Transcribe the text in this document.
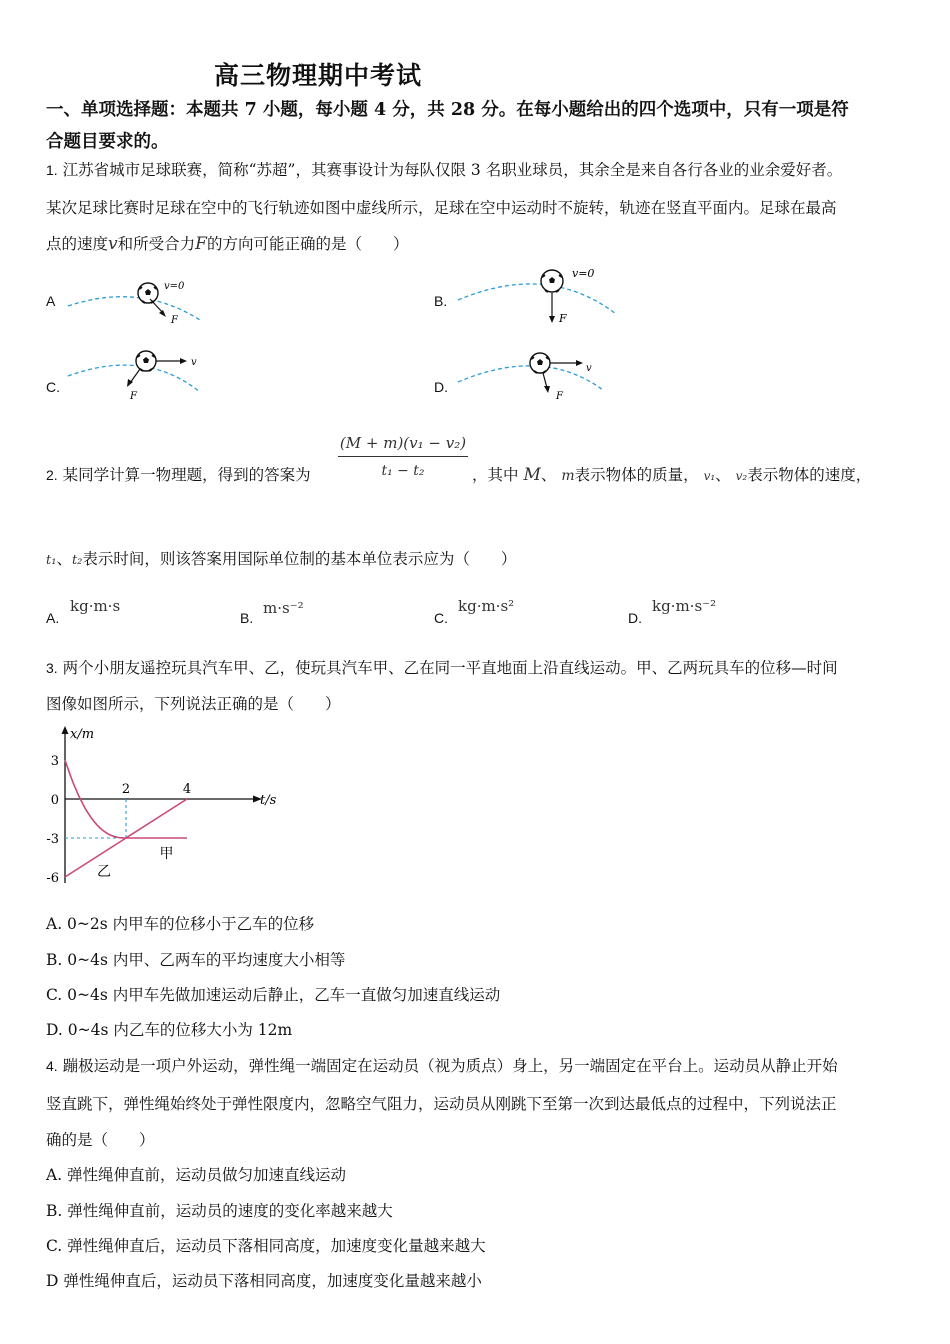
高三物理期中考试
一、单项选择题：本题共 7 小题，每小题 4 分，共 28 分。在每小题给出的四个选项中，只有一项是符
合题目要求的。
1. 江苏省城市足球联赛，简称“苏超”，其赛事设计为每队仅限 3 名职业球员，其余全是来自各行各业的业余爱好者。
某次足球比赛时足球在空中的飞行轨迹如图中虚线所示，足球在空中运动时不旋转，轨迹在竖直平面内。足球在最高
点的速度v和所受合力F的方向可能正确的是（　　）
A
v=0
F
B.
v=0
F
C.
v
F
D.
v
F
2. 某同学计算一物理题，得到的答案为
(M + m)(v₁ − v₂)
t₁ − t₂	，其中 M、 m表示物体的质量， v₁、 v₂表示物体的速度，
t₁、t₂表示时间，则该答案用国际单位制的基本单位表示应为（　　）
A.
kg·m·s
B.
m·s⁻²
C.
kg·m·s²
D.
kg·m·s⁻²
3. 两个小朋友遥控玩具汽车甲、乙，使玩具汽车甲、乙在同一平直地面上沿直线运动。甲、乙两玩具车的位移—时间
图像如图所示，下列说法正确的是（　　）
x/m
t/s
3
0
-3
-6
2	4
甲
乙
A. 0~2s 内甲车的位移小于乙车的位移
B. 0~4s 内甲、乙两车的平均速度大小相等
C. 0~4s 内甲车先做加速运动后静止，乙车一直做匀加速直线运动
D. 0~4s 内乙车的位移大小为 12m
4. 蹦极运动是一项户外运动，弹性绳一端固定在运动员（视为质点）身上，另一端固定在平台上。运动员从静止开始
竖直跳下，弹性绳始终处于弹性限度内，忽略空气阻力，运动员从刚跳下至第一次到达最低点的过程中，下列说法正
确的是（　　）
A. 弹性绳伸直前，运动员做匀加速直线运动
B. 弹性绳伸直前，运动员的速度的变化率越来越大
C. 弹性绳伸直后，运动员下落相同高度，加速度变化量越来越大
D 弹性绳伸直后，运动员下落相同高度，加速度变化量越来越小
